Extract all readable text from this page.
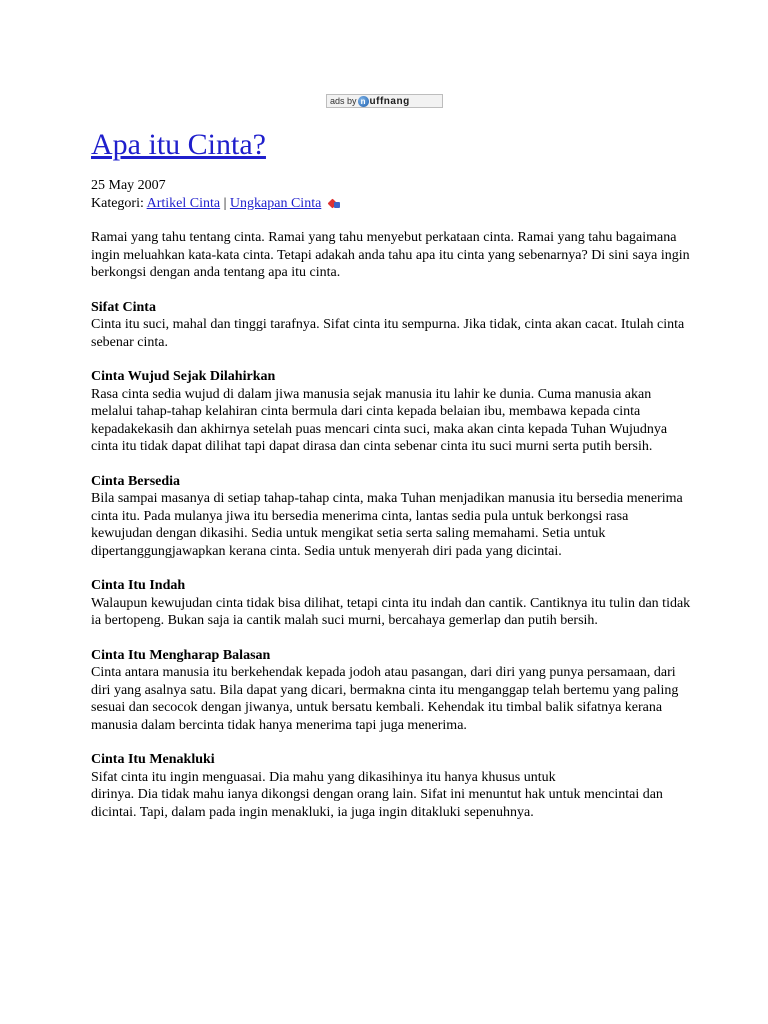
ads by n uffnang
Apa itu Cinta?
25 May 2007
Kategori: Artikel Cinta | Ungkapan Cinta

Ramai yang tahu tentang cinta. Ramai yang tahu menyebut perkataan cinta. Ramai yang tahu bagaimana ingin meluahkan kata-kata cinta. Tetapi adakah anda tahu apa itu cinta yang sebenarnya? Di sini saya ingin berkongsi dengan anda tentang apa itu cinta.

Sifat Cinta

Cinta itu suci, mahal dan tinggi tarafnya. Sifat cinta itu sempurna. Jika tidak, cinta akan cacat. Itulah cinta sebenar cinta.

Cinta Wujud Sejak Dilahirkan

Rasa cinta sedia wujud di dalam jiwa manusia sejak manusia itu lahir ke dunia. Cuma manusia akan melalui tahap-tahap kelahiran cinta bermula dari cinta kepada belaian ibu, membawa kepada cinta kepadakekasih dan akhirnya setelah puas mencari cinta suci, maka akan cinta kepada Tuhan Wujudnya cinta itu tidak dapat dilihat tapi dapat dirasa dan cinta sebenar cinta itu suci murni serta putih bersih.

Cinta Bersedia

Bila sampai masanya di setiap tahap-tahap cinta, maka Tuhan menjadikan manusia itu bersedia menerima cinta itu. Pada mulanya jiwa itu bersedia menerima cinta, lantas sedia pula untuk berkongsi rasa kewujudan dengan dikasihi. Sedia untuk mengikat setia serta saling memahami. Setia untuk dipertanggungjawapkan kerana cinta. Sedia untuk menyerah diri pada yang dicintai.

Cinta Itu Indah

Walaupun kewujudan cinta tidak bisa dilihat, tetapi cinta itu indah dan cantik. Cantiknya itu tulin dan tidak ia bertopeng. Bukan saja ia cantik malah suci murni, bercahaya gemerlap dan putih bersih.

Cinta Itu Mengharap Balasan

Cinta antara manusia itu berkehendak kepada jodoh atau pasangan, dari diri yang punya persamaan, dari diri yang asalnya satu. Bila dapat yang dicari, bermakna cinta itu menganggap telah bertemu yang paling sesuai dan secocok dengan jiwanya, untuk bersatu kembali. Kehendak itu timbal balik sifatnya kerana manusia dalam bercinta tidak hanya menerima tapi juga menerima.

Cinta Itu Menakluki

Sifat cinta itu ingin menguasai. Dia mahu yang dikasihinya itu hanya khusus untuk

dirinya. Dia tidak mahu ianya dikongsi dengan orang lain. Sifat ini menuntut hak untuk mencintai dan dicintai. Tapi, dalam pada ingin menakluki, ia juga ingin ditakluki sepenuhnya.
